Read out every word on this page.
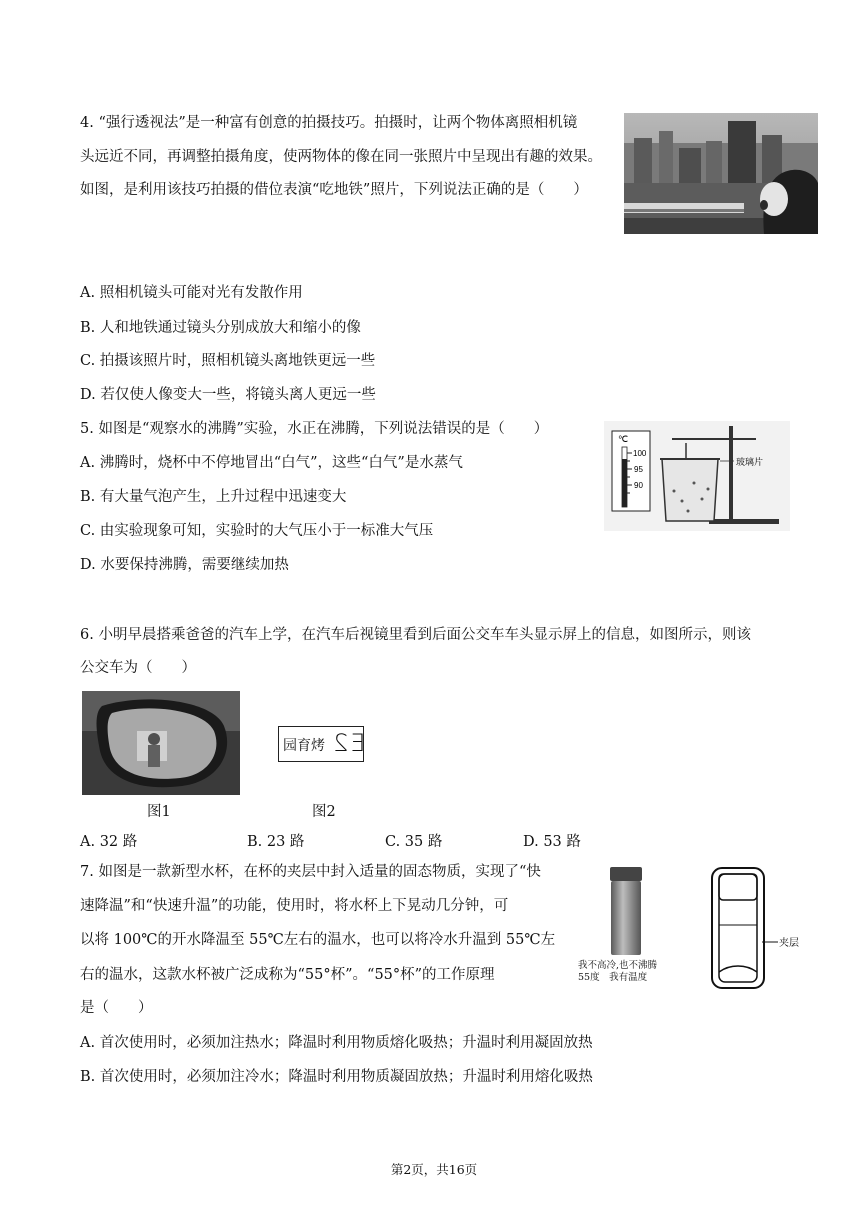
4. “强行透视法”是一种富有创意的拍摄技巧。拍摄时，让两个物体离照相机镜
头远近不同，再调整拍摄角度，使两物体的像在同一张照片中呈现出有趣的效果。
如图，是利用该技巧拍摄的借位表演“吃地铁”照片，下列说法正确的是（　　）
A. 照相机镜头可能对光有发散作用
B. 人和地铁通过镜头分别成放大和缩小的像
C. 拍摄该照片时，照相机镜头离地铁更远一些
D. 若仅使人像变大一些，将镜头离人更远一些
5. 如图是“观察水的沸腾”实验，水正在沸腾，下列说法错误的是（　　）
A. 沸腾时，烧杯中不停地冒出“白气”，这些“白气”是水蒸气
B. 有大量气泡产生，上升过程中迅速变大
C. 由实验现象可知，实验时的大气压小于一标准大气压
D. 水要保持沸腾，需要继续加热
℃
100
95
90
玻璃片
6. 小明早晨搭乘爸爸的汽车上学，在汽车后视镜里看到后面公交车车头显示屏上的信息，如图所示，则该
公交车为（　　）
图1
园育烤 E2
图2
A. 32 路	B. 23 路	C. 35 路	D. 53 路
7. 如图是一款新型水杯，在杯的夹层中封入适量的固态物质，实现了“快
速降温”和“快速升温”的功能，使用时，将水杯上下晃动几分钟，可
以将 100℃的开水降温至 55℃左右的温水，也可以将冷水升温到 55℃左
右的温水，这款水杯被广泛成称为“55°杯”。“55°杯”的工作原理
是（　　）
我不高冷,也不沸腾
55度　我有温度
夹层
A. 首次使用时，必须加注热水；降温时利用物质熔化吸热；升温时利用凝固放热
B. 首次使用时，必须加注冷水；降温时利用物质凝固放热；升温时利用熔化吸热
第2页，共16页
